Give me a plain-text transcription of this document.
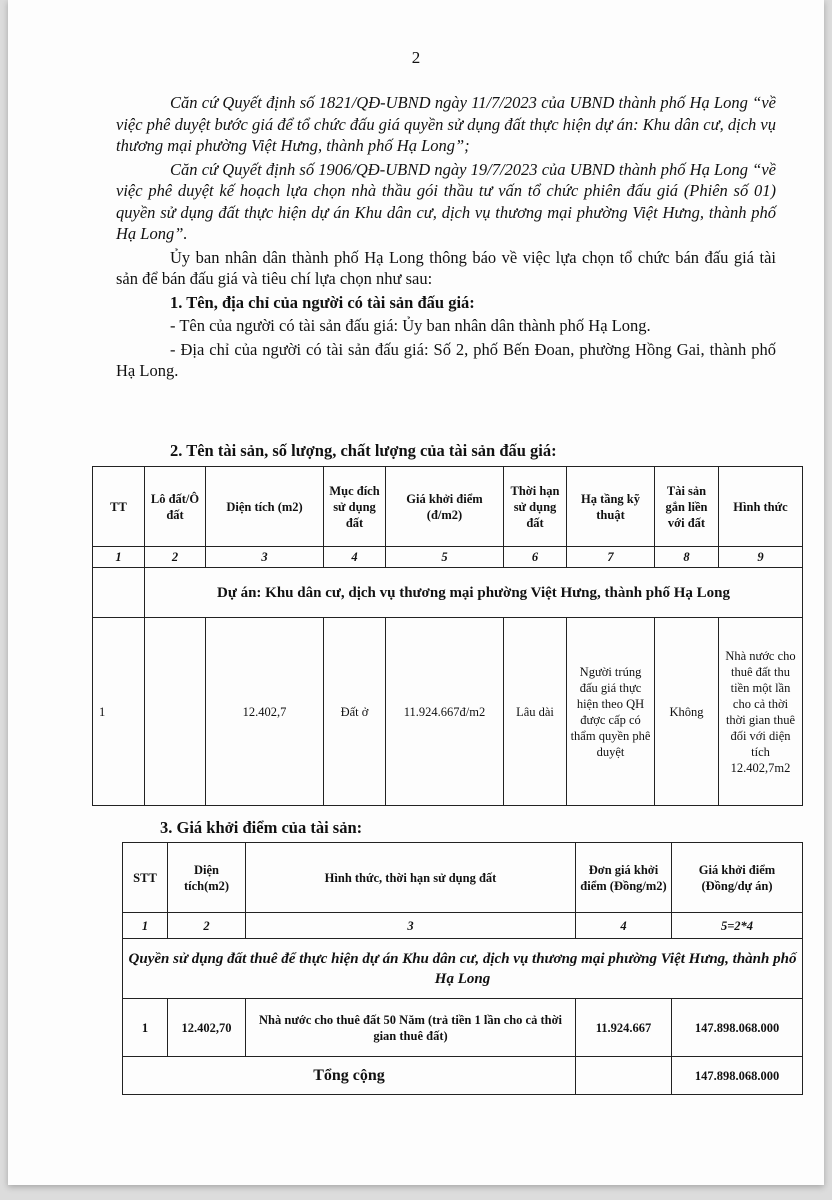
2

Căn cứ Quyết định số 1821/QĐ-UBND ngày 11/7/2023 của UBND thành phố Hạ Long “về việc phê duyệt bước giá để tổ chức đấu giá quyền sử dụng đất thực hiện dự án: Khu dân cư, dịch vụ thương mại phường Việt Hưng, thành phố Hạ Long”;

Căn cứ Quyết định số 1906/QĐ-UBND ngày 19/7/2023 của UBND thành phố Hạ Long “về việc phê duyệt kế hoạch lựa chọn nhà thầu gói thầu tư vấn tổ chức phiên đấu giá (Phiên số 01) quyền sử dụng đất thực hiện dự án Khu dân cư, dịch vụ thương mại phường Việt Hưng, thành phố Hạ Long”.

Ủy ban nhân dân thành phố Hạ Long thông báo về việc lựa chọn tổ chức bán đấu giá tài sản để bán đấu giá và tiêu chí lựa chọn như sau:

1. Tên, địa chỉ của người có tài sản đấu giá:

- Tên của người có tài sản đấu giá: Ủy ban nhân dân thành phố Hạ Long.

- Địa chỉ của người có tài sản đấu giá: Số 2, phố Bến Đoan, phường Hồng Gai, thành phố Hạ Long.

2. Tên tài sản, số lượng, chất lượng của tài sản đấu giá:
TT	Lô đất/Ô đất	Diện tích (m2)	Mục đích sử dụng đất	Giá khởi điểm (đ/m2)	Thời hạn sử dụng đất	Hạ tầng kỹ thuật	Tài sản gắn liền với đất	Hình thức
1	2	3	4	5	6	7	8	9
	Dự án: Khu dân cư, dịch vụ thương mại phường Việt Hưng, thành phố Hạ Long							
1		12.402,7	Đất ở	11.924.667đ/m2	Lâu dài	Người trúng đấu giá thực hiện theo QH được cấp có thẩm quyền phê duyệt	Không	Nhà nước cho thuê đất thu tiền một lần cho cả thời thời gian thuê đối với diện tích 12.402,7m2
3. Giá khởi điểm của tài sản:
STT	Diện tích(m2)	Hình thức, thời hạn sử dụng đất	Đơn giá khởi điểm (Đồng/m2)	Giá khởi điểm (Đồng/dự án)
1	2	3	4	5=2*4
Quyền sử dụng đất thuê để thực hiện dự án Khu dân cư, dịch vụ thương mại phường Việt Hưng, thành phố Hạ Long				
1	12.402,70	Nhà nước cho thuê đất 50 Năm (trả tiền 1 lần cho cả thời gian thuê đất)	11.924.667	147.898.068.000
Tổng cộng				147.898.068.000
